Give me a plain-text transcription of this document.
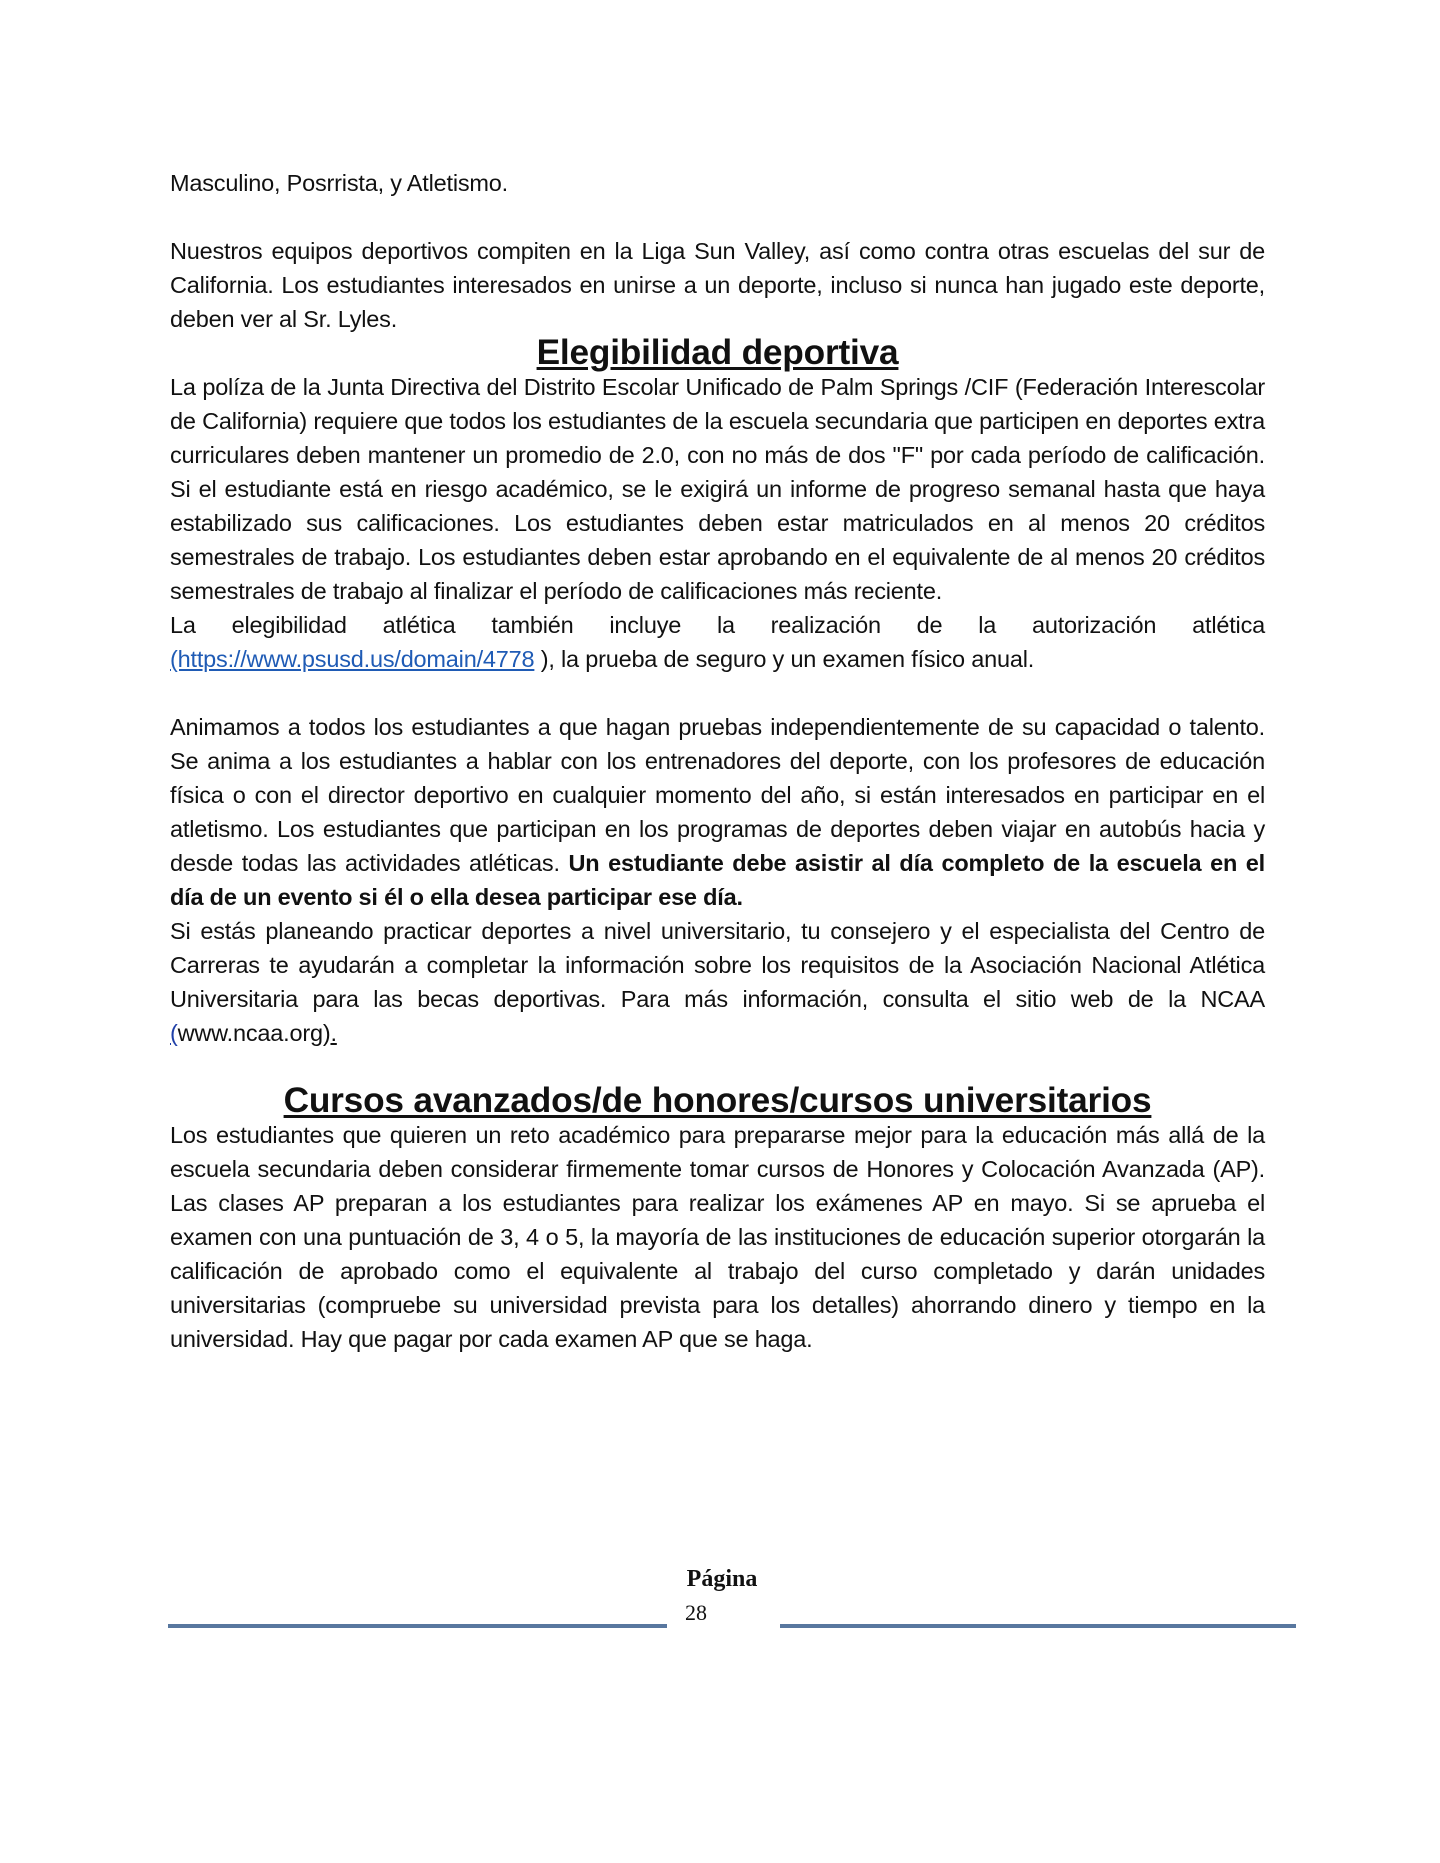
Masculino, Posrrista, y Atletismo.

Nuestros equipos deportivos compiten en la Liga Sun Valley, así como contra otras escuelas del sur de California. Los estudiantes interesados en unirse a un deporte, incluso si nunca han jugado este deporte, deben ver al Sr. Lyles.

Elegibilidad deportiva

La políza de la Junta Directiva del Distrito Escolar Unificado de Palm Springs /CIF (Federación Interescolar de California) requiere que todos los estudiantes de la escuela secundaria que participen en deportes extra curriculares deben mantener un promedio de 2.0, con no más de dos "F" por cada período de calificación. Si el estudiante está en riesgo académico, se le exigirá un informe de progreso semanal hasta que haya estabilizado sus calificaciones. Los estudiantes deben estar matriculados en al menos 20 créditos semestrales de trabajo. Los estudiantes deben estar aprobando en el equivalente de al menos 20 créditos semestrales de trabajo al finalizar el período de calificaciones más reciente.

La elegibilidad atlética también incluye la realización de la autorización atlética (https://www.psusd.us/domain/4778 ), la prueba de seguro y un examen físico anual.

Animamos a todos los estudiantes a que hagan pruebas independientemente de su capacidad o talento. Se anima a los estudiantes a hablar con los entrenadores del deporte, con los profesores de educación física o con el director deportivo en cualquier momento del año, si están interesados en participar en el atletismo. Los estudiantes que participan en los programas de deportes deben viajar en autobús hacia y desde todas las actividades atléticas. Un estudiante debe asistir al día completo de la escuela en el día de un evento si él o ella desea participar ese día.

Si estás planeando practicar deportes a nivel universitario, tu consejero y el especialista del Centro de Carreras te ayudarán a completar la información sobre los requisitos de la Asociación Nacional Atlética Universitaria para las becas deportivas. Para más información, consulta el sitio web de la NCAA (www.ncaa.org).

Cursos avanzados/de honores/cursos universitarios

Los estudiantes que quieren un reto académico para prepararse mejor para la educación más allá de la escuela secundaria deben considerar firmemente tomar cursos de Honores y Colocación Avanzada (AP). Las clases AP preparan a los estudiantes para realizar los exámenes AP en mayo. Si se aprueba el examen con una puntuación de 3, 4 o 5, la mayoría de las instituciones de educación superior otorgarán la calificación de aprobado como el equivalente al trabajo del curso completado y darán unidades universitarias (compruebe su universidad prevista para los detalles) ahorrando dinero y tiempo en la universidad. Hay que pagar por cada examen AP que se haga.

Página
28
